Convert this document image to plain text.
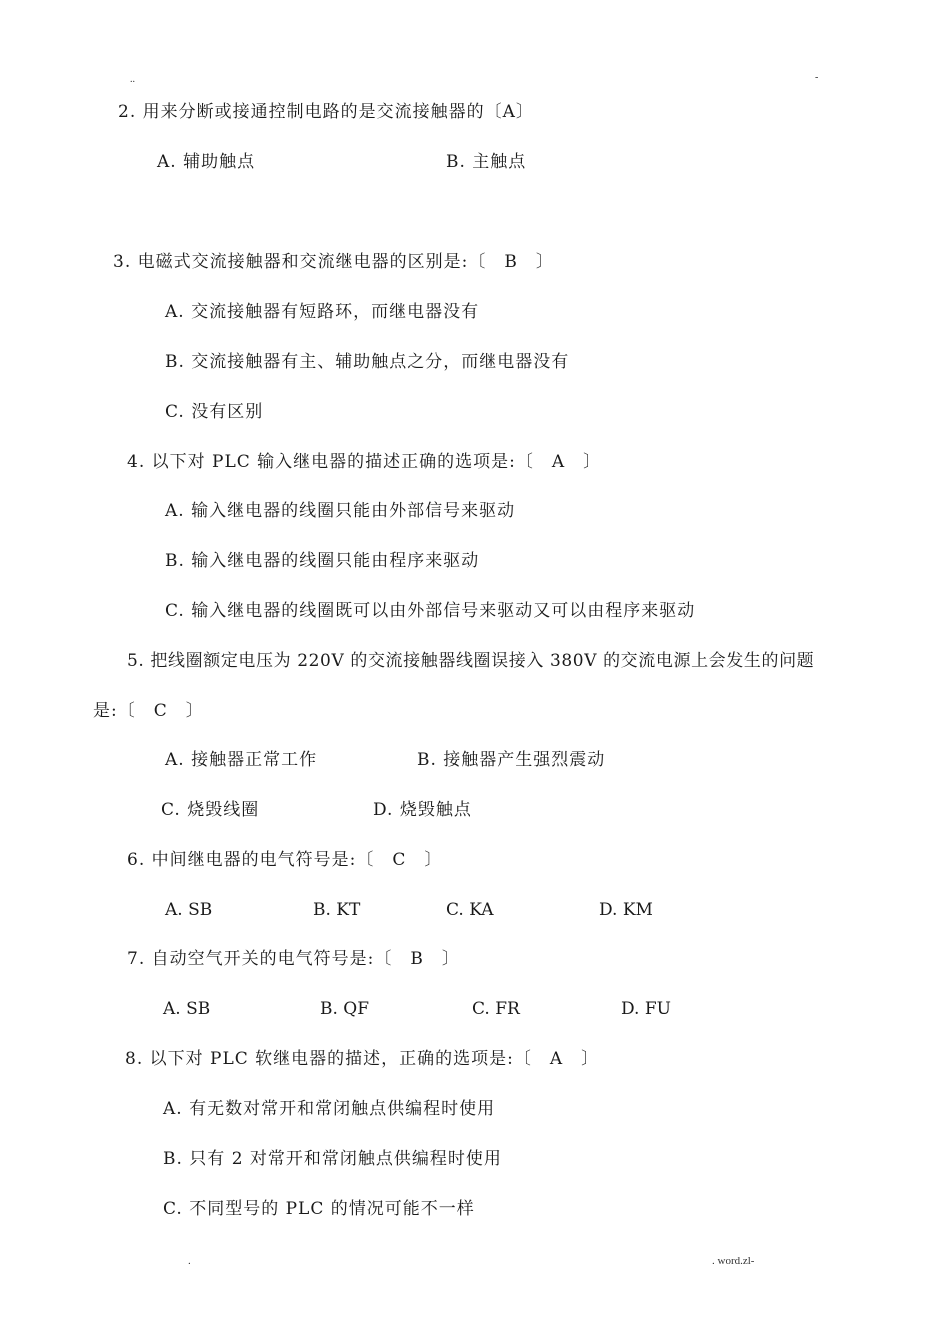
..	-
2. 用来分断或接通控制电路的是交流接触器的〔A〕
A. 辅助触点	B. 主触点
3. 电磁式交流接触器和交流继电器的区别是:〔　B　〕
A. 交流接触器有短路环，而继电器没有
B. 交流接触器有主、辅助触点之分，而继电器没有
C. 没有区别
4. 以下对 PLC 输入继电器的描述正确的选项是:〔　A　〕
A. 输入继电器的线圈只能由外部信号来驱动
B. 输入继电器的线圈只能由程序来驱动
C. 输入继电器的线圈既可以由外部信号来驱动又可以由程序来驱动
5. 把线圈额定电压为 220V 的交流接触器线圈误接入 380V 的交流电源上会发生的问题
是:〔　C　〕
A. 接触器正常工作	B. 接触器产生强烈震动
C. 烧毁线圈	D. 烧毁触点
6. 中间继电器的电气符号是:〔　C　〕
A. SB	B. KT	C. KA	D. KM
7. 自动空气开关的电气符号是:〔　B　〕
A. SB	B. QF	C. FR	D. FU
8. 以下对 PLC 软继电器的描述，正确的选项是:〔　A　〕
A. 有无数对常开和常闭触点供编程时使用
B. 只有 2 对常开和常闭触点供编程时使用
C. 不同型号的 PLC 的情况可能不一样
.	. word.zl-
